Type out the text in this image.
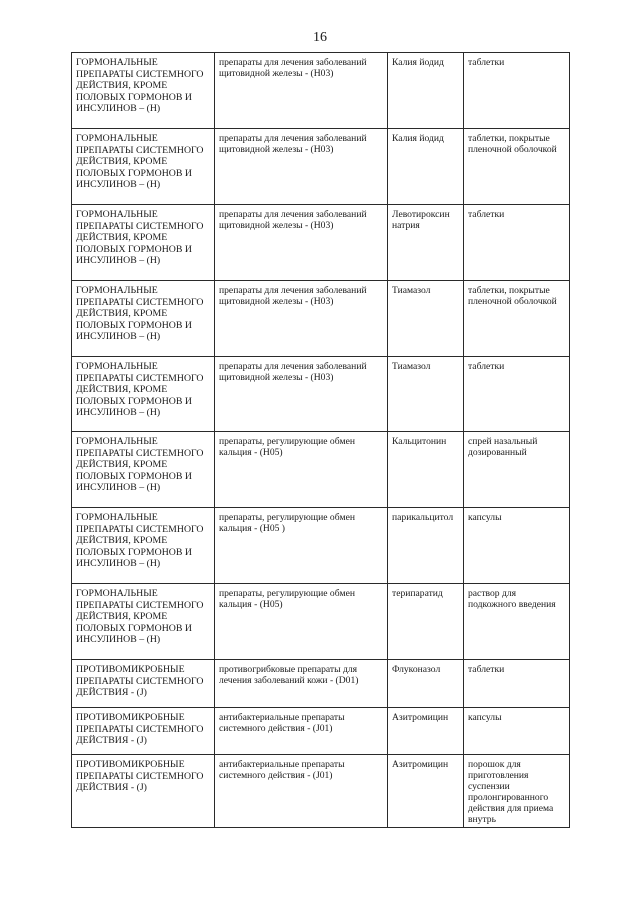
16
ГОРМОНАЛЬНЫЕ ПРЕПАРАТЫ СИСТЕМНОГО ДЕЙСТВИЯ, КРОМЕ ПОЛОВЫХ ГОРМОНОВ И ИНСУЛИНОВ – (H)	препараты для лечения заболеваний щитовидной железы - (H03)	Калия йодид	таблетки
ГОРМОНАЛЬНЫЕ ПРЕПАРАТЫ СИСТЕМНОГО ДЕЙСТВИЯ, КРОМЕ ПОЛОВЫХ ГОРМОНОВ И ИНСУЛИНОВ – (H)	препараты для лечения заболеваний щитовидной железы - (H03)	Калия йодид	таблетки, покрытые пленочной оболочкой
ГОРМОНАЛЬНЫЕ ПРЕПАРАТЫ СИСТЕМНОГО ДЕЙСТВИЯ, КРОМЕ ПОЛОВЫХ ГОРМОНОВ И ИНСУЛИНОВ – (H)	препараты для лечения заболеваний щитовидной железы - (H03)	Левотироксин натрия	таблетки
ГОРМОНАЛЬНЫЕ ПРЕПАРАТЫ СИСТЕМНОГО ДЕЙСТВИЯ, КРОМЕ ПОЛОВЫХ ГОРМОНОВ И ИНСУЛИНОВ – (H)	препараты для лечения заболеваний щитовидной железы - (H03)	Тиамазол	таблетки, покрытые пленочной оболочкой
ГОРМОНАЛЬНЫЕ ПРЕПАРАТЫ СИСТЕМНОГО ДЕЙСТВИЯ, КРОМЕ ПОЛОВЫХ ГОРМОНОВ И ИНСУЛИНОВ – (H)	препараты для лечения заболеваний щитовидной железы - (H03)	Тиамазол	таблетки
ГОРМОНАЛЬНЫЕ ПРЕПАРАТЫ СИСТЕМНОГО ДЕЙСТВИЯ, КРОМЕ ПОЛОВЫХ ГОРМОНОВ И ИНСУЛИНОВ – (H)	препараты, регулирующие обмен кальция - (H05)	Кальцитонин	спрей назальный дозированный
ГОРМОНАЛЬНЫЕ ПРЕПАРАТЫ СИСТЕМНОГО ДЕЙСТВИЯ, КРОМЕ ПОЛОВЫХ ГОРМОНОВ И ИНСУЛИНОВ – (H)	препараты, регулирующие обмен кальция - (H05 )	парикальцитол	капсулы
ГОРМОНАЛЬНЫЕ ПРЕПАРАТЫ СИСТЕМНОГО ДЕЙСТВИЯ, КРОМЕ ПОЛОВЫХ ГОРМОНОВ И ИНСУЛИНОВ – (H)	препараты, регулирующие обмен кальция - (H05)	терипаратид	раствор для подкожного введения
ПРОТИВОМИКРОБНЫЕ ПРЕПАРАТЫ СИСТЕМНОГО ДЕЙСТВИЯ - (J)	противогрибковые препараты для лечения заболеваний кожи - (D01)	Флуконазол	таблетки
ПРОТИВОМИКРОБНЫЕ ПРЕПАРАТЫ СИСТЕМНОГО ДЕЙСТВИЯ - (J)	антибактериальные препараты системного действия - (J01)	Азитромицин	капсулы
ПРОТИВОМИКРОБНЫЕ ПРЕПАРАТЫ СИСТЕМНОГО ДЕЙСТВИЯ - (J)	антибактериальные препараты системного действия - (J01)	Азитромицин	порошок для приготовления суспензии пролонгированного действия для приема внутрь
